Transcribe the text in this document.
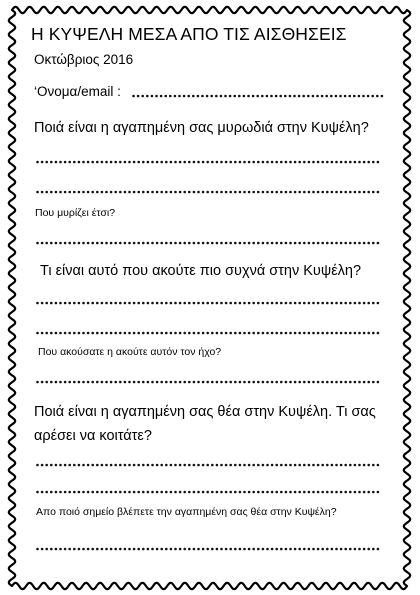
Η ΚΥΨΕΛΗ ΜΕΣΑ ΑΠΟ ΤΙΣ ΑΙΣΘΗΣΕΙΣ
Οκτώβριος 2016
‘Ονομα/email :
Ποιά είναι η αγαπημένη σας μυρωδιά στην Κυψέλη?
Που μυρίζει έτσι?
Τι είναι αυτό που ακούτε πιο συχνά στην Κυψέλη?
Που ακούσατε η ακούτε αυτόν τον ήχο?
Ποιά είναι η αγαπημένη σας θέα στην Κυψέλη. Τι σας
αρέσει να κοιτάτε?
Απο ποιό σημείο βλέπετε την αγαπημένη σας θέα στην Κυψέλη?
